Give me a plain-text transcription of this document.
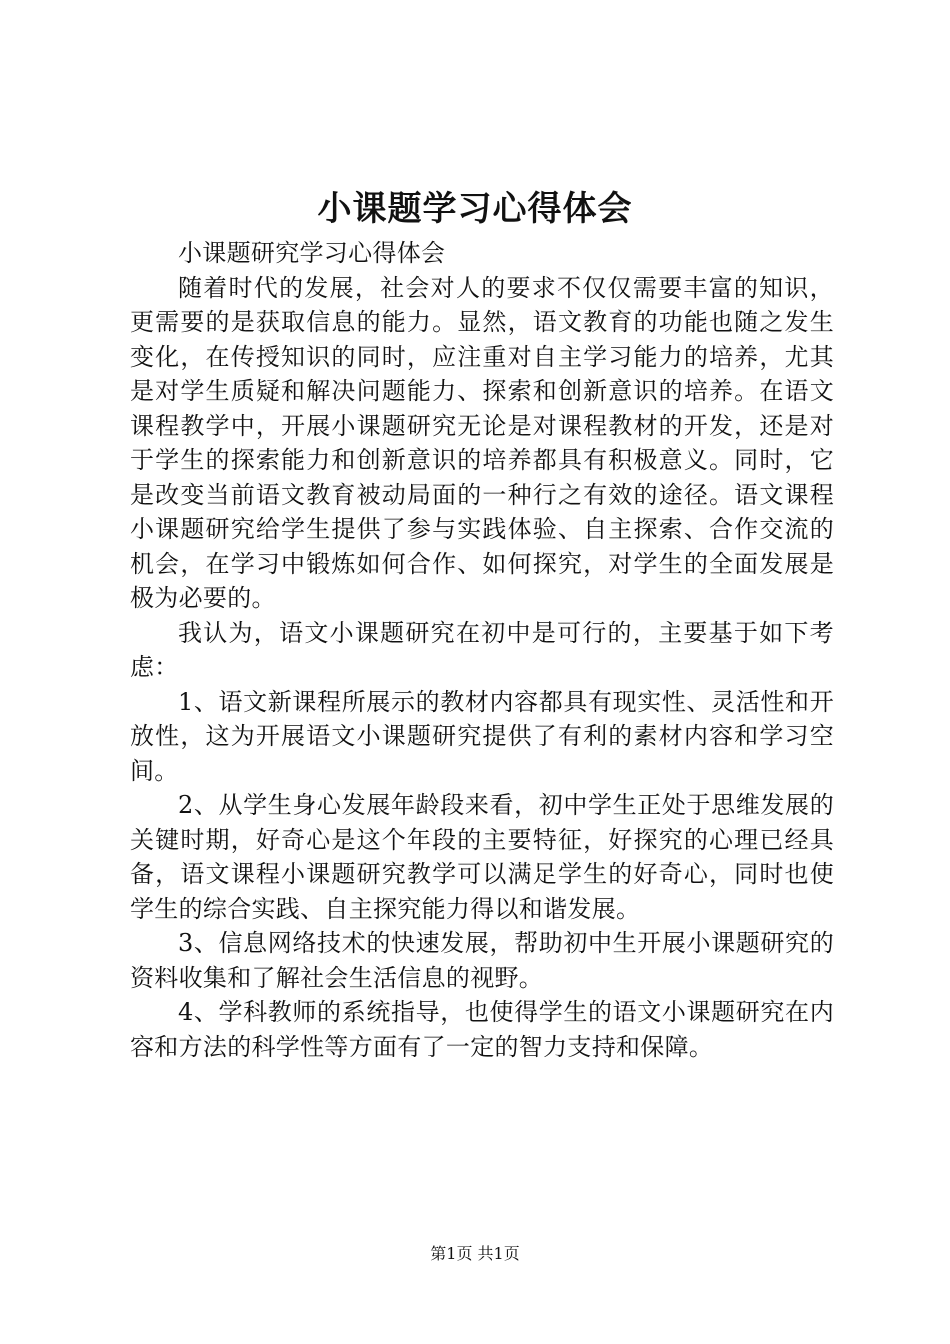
小课题学习心得体会

小课题研究学习心得体会

随着时代的发展，社会对人的要求不仅仅需要丰富的知识，更需要的是获取信息的能力。显然，语文教育的功能也随之发生变化，在传授知识的同时，应注重对自主学习能力的培养，尤其是对学生质疑和解决问题能力、探索和创新意识的培养。在语文课程教学中，开展小课题研究无论是对课程教材的开发，还是对于学生的探索能力和创新意识的培养都具有积极意义。同时，它是改变当前语文教育被动局面的一种行之有效的途径。语文课程小课题研究给学生提供了参与实践体验、自主探索、合作交流的机会，在学习中锻炼如何合作、如何探究，对学生的全面发展是极为必要的。

我认为，语文小课题研究在初中是可行的，主要基于如下考虑：

1、语文新课程所展示的教材内容都具有现实性、灵活性和开放性，这为开展语文小课题研究提供了有利的素材内容和学习空间。

2、从学生身心发展年龄段来看，初中学生正处于思维发展的关键时期，好奇心是这个年段的主要特征，好探究的心理已经具备，语文课程小课题研究教学可以满足学生的好奇心，同时也使学生的综合实践、自主探究能力得以和谐发展。

3、信息网络技术的快速发展，帮助初中生开展小课题研究的资料收集和了解社会生活信息的视野。

4、学科教师的系统指导，也使得学生的语文小课题研究在内容和方法的科学性等方面有了一定的智力支持和保障。

第1页 共1页
